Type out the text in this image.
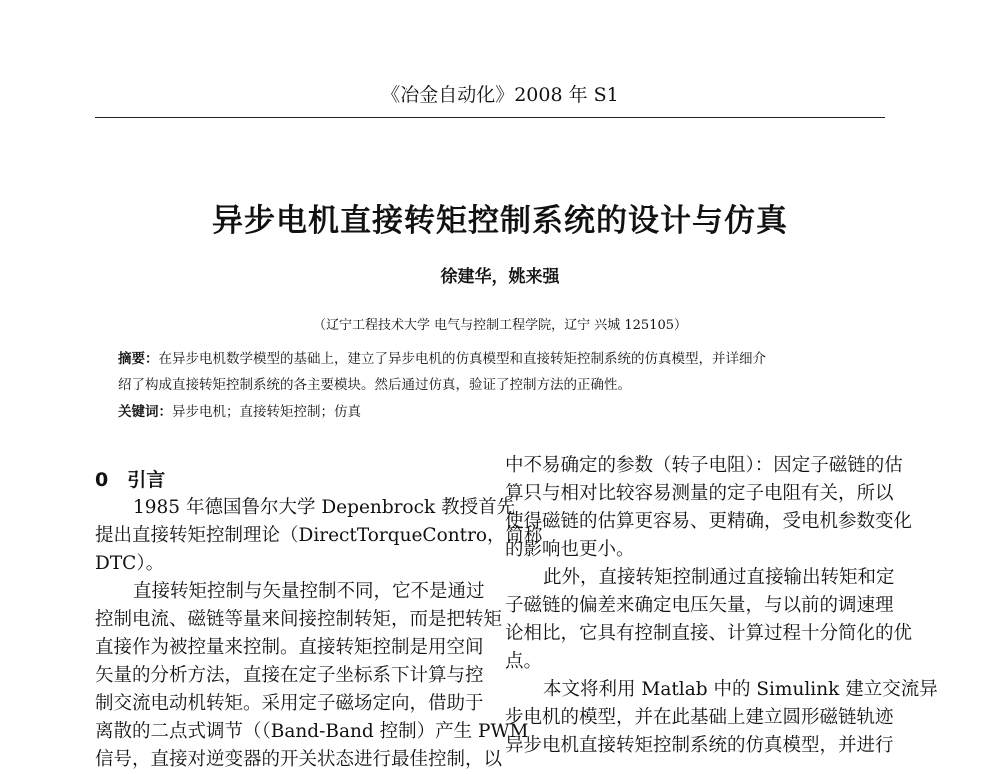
《冶金自动化》2008 年 S1
异步电机直接转矩控制系统的设计与仿真
徐建华，姚来强
（辽宁工程技术大学 电气与控制工程学院，辽宁 兴城 125105）
摘要：在异步电机数学模型的基础上，建立了异步电机的仿真模型和直接转矩控制系统的仿真模型，并详细介
绍了构成直接转矩控制系统的各主要模块。然后通过仿真，验证了控制方法的正确性。
关键词：异步电机；直接转矩控制；仿真
0　引言
1985 年德国鲁尔大学 Depenbrock 教授首先
提出直接转矩控制理论（DirectTorqueContro，简称
DTC）。
直接转矩控制与矢量控制不同，它不是通过
控制电流、磁链等量来间接控制转矩，而是把转矩
直接作为被控量来控制。直接转矩控制是用空间
矢量的分析方法，直接在定子坐标系下计算与控
制交流电动机转矩。采用定子磁场定向，借助于
离散的二点式调节（（Band-Band 控制）产生 PWM
信号，直接对逆变器的开关状态进行最佳控制，以
中不易确定的参数（转子电阻）：因定子磁链的估
算只与相对比较容易测量的定子电阻有关，所以
使得磁链的估算更容易、更精确，受电机参数变化
的影响也更小。
此外，直接转矩控制通过直接输出转矩和定
子磁链的偏差来确定电压矢量，与以前的调速理
论相比，它具有控制直接、计算过程十分简化的优
点。
本文将利用 Matlab 中的 Simulink 建立交流异
步电机的模型，并在此基础上建立圆形磁链轨迹
异步电机直接转矩控制系统的仿真模型，并进行
